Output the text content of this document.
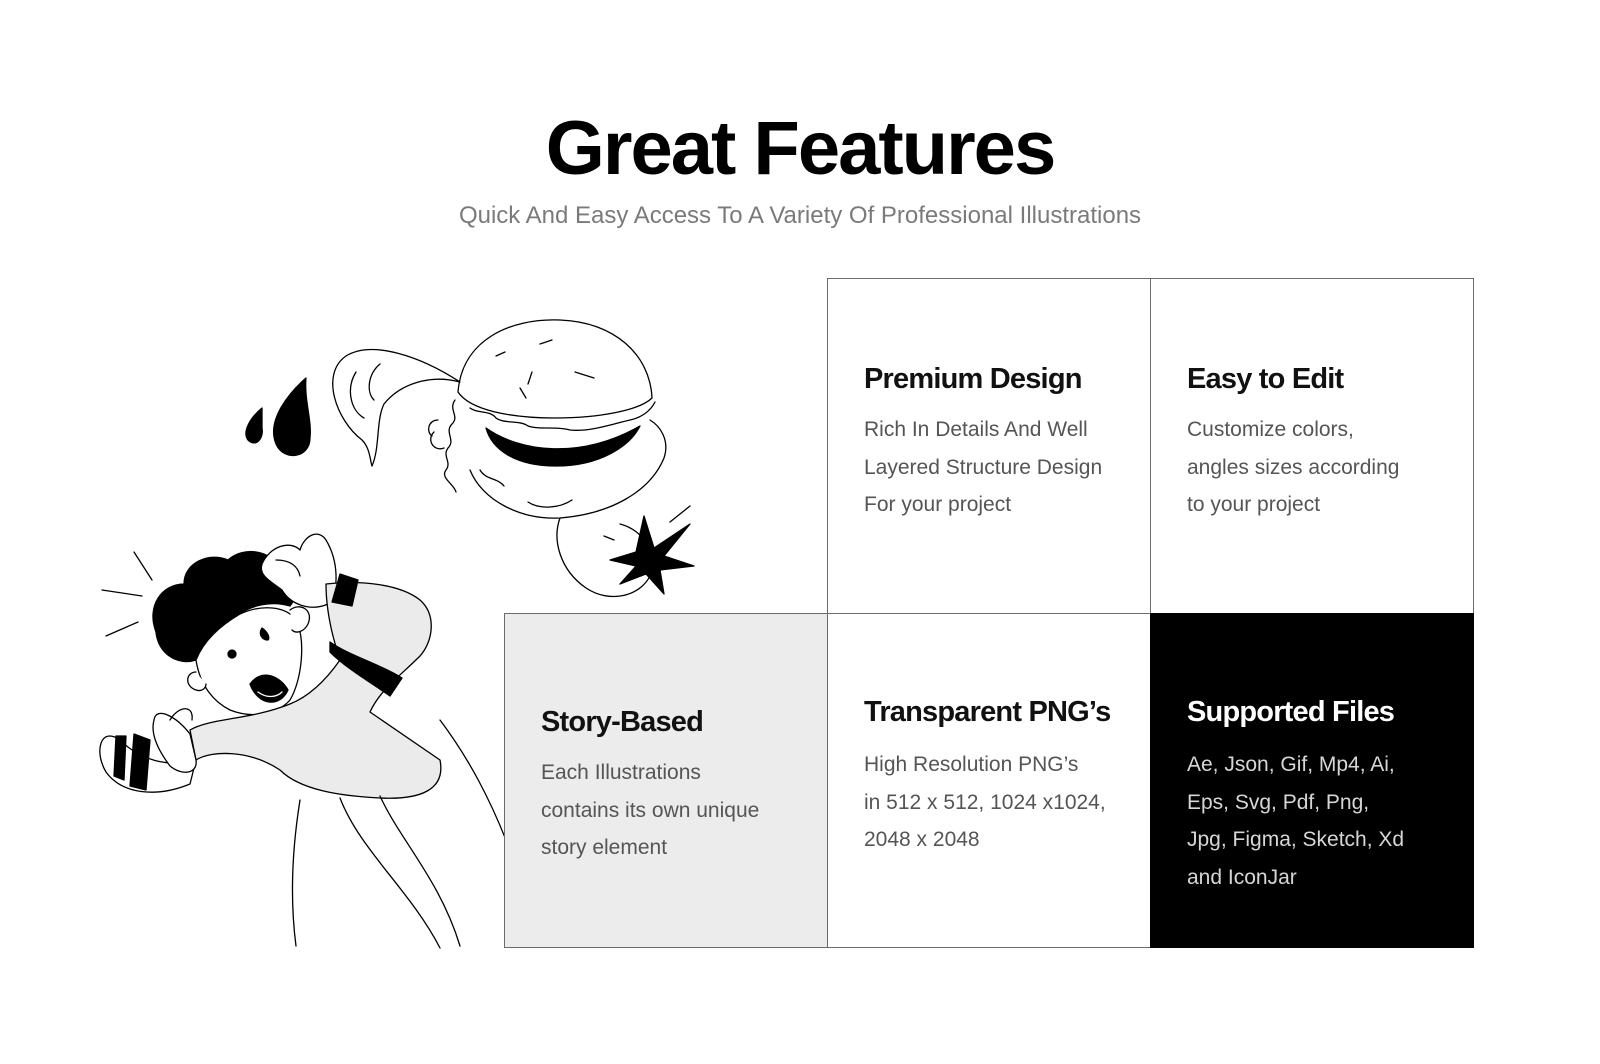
Great Features

Quick And Easy Access To A Variety Of Professional Illustrations

Premium Design

Rich In Details And Well
Layered Structure Design
For your project

Easy to Edit

Customize colors,
angles sizes according
to your project

Story-Based

Each Illustrations
contains its own unique
story element

Transparent PNG’s

High Resolution PNG’s
in 512 x 512, 1024 x1024,
2048 x 2048

Supported Files

Ae, Json, Gif, Mp4, Ai,
Eps, Svg, Pdf, Png,
Jpg, Figma, Sketch, Xd
and IconJar
